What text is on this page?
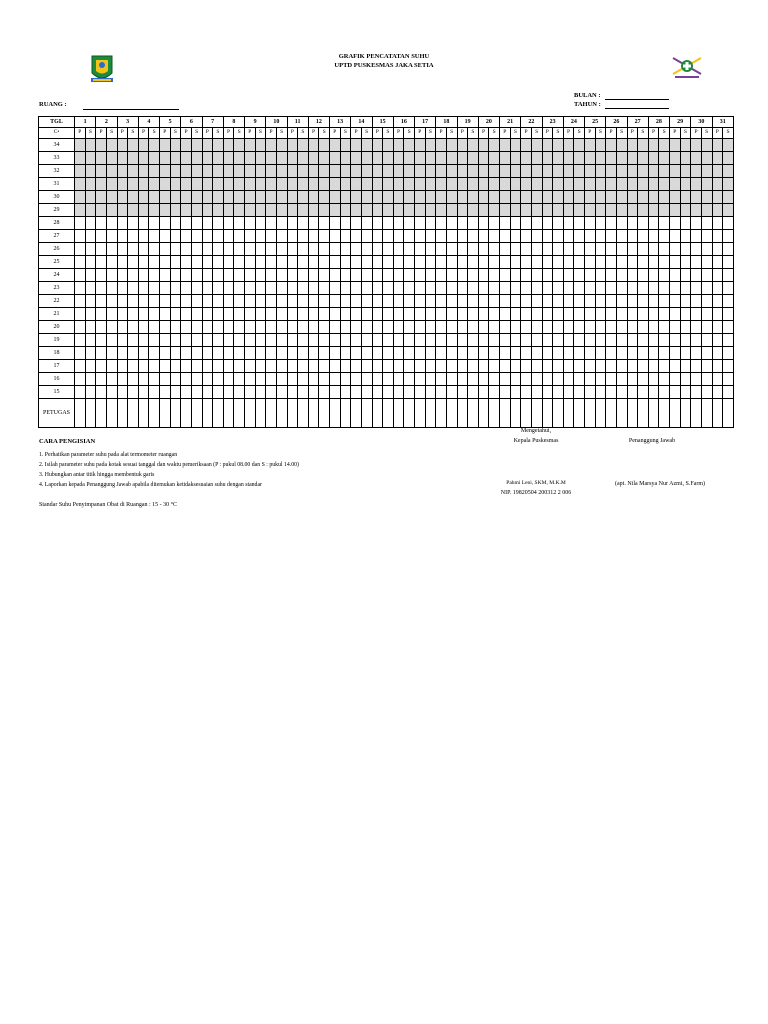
GRAFIK PENCATATAN SUHU
UPTD PUSKESMAS JAKA SETIA
BULAN :
TAHUN :
RUANG :
TGL	1		2		3		4		5		6		7		8		9		10		11		12		13		14		15		16		17		18		19		20		21		22		23		24		25		26		27		28		29		30		31	
C•	P	S	P	S	P	S	P	S	P	S	P	S	P	S	P	S	P	S	P	S	P	S	P	S	P	S	P	S	P	S	P	S	P	S	P	S	P	S	P	S	P	S	P	S	P	S	P	S	P	S	P	S	P	S	P	S	P	S	P	S	P	S
34																																																														
33																																																														
32																																																														
31																																																														
30																																																														
29																																																														
28																																																														
27																																																														
26																																																														
25																																																														
24																																																														
23																																																														
22																																																														
21																																																														
20																																																														
19																																																														
18																																																														
17																																																														
16																																																														
15																																																														
PETUGAS																																																														
CARA PENGISIAN
1. Perhatikan parameter suhu pada alat termometer ruangan
2. Isilah parameter suhu pada kotak sesuai tanggal dan waktu pemeriksaan (P : pukul 08.00 dan S : pukul 14.00)
3. Hubungkan antar titik hingga membentuk garis
4. Laporkan kepada Penanggung Jawab apabila ditemukan ketidaksesuaian suhu dengan standar
Standar Suhu Penyimpanan Obat di Ruangan : 15 - 30 °C
Mengetahui,
Kepala Puskesmas	Penanggung Jawab
Pahmi Leni, SKM, M.K.M	(apt. Nila Marsya Nur Azmi, S.Farm)
NIP. 19820504 200312 2 006
